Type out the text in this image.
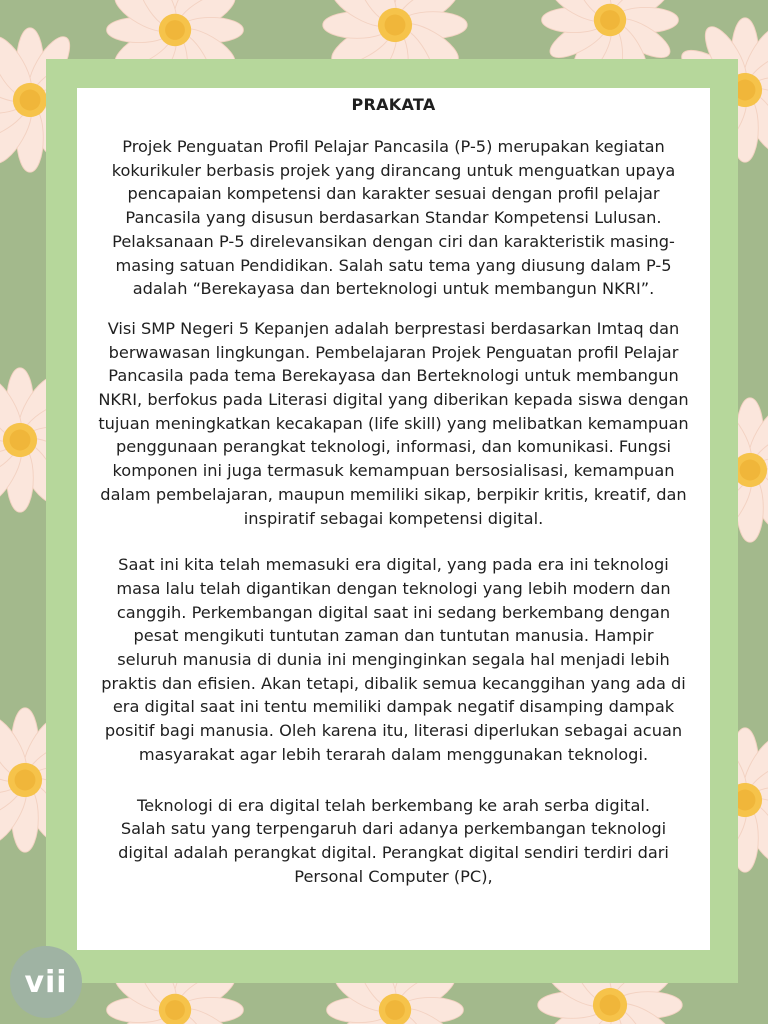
PRAKATA

Projek Penguatan Profil Pelajar Pancasila (P-5) merupakan kegiatan
kokurikuler berbasis projek yang dirancang untuk menguatkan upaya
pencapaian kompetensi dan karakter sesuai dengan profil pelajar
Pancasila yang disusun berdasarkan Standar Kompetensi Lulusan.
Pelaksanaan P-5 direlevansikan dengan ciri dan karakteristik masing-
masing satuan Pendidikan. Salah satu tema yang diusung dalam P-5
adalah “Berekayasa dan berteknologi untuk membangun NKRI”.

Visi SMP Negeri 5 Kepanjen adalah berprestasi berdasarkan Imtaq dan
berwawasan lingkungan. Pembelajaran Projek Penguatan profil Pelajar
Pancasila pada tema Berekayasa dan Berteknologi untuk membangun
NKRI, berfokus pada Literasi digital yang diberikan kepada siswa dengan
tujuan meningkatkan kecakapan (life skill) yang melibatkan kemampuan
penggunaan perangkat teknologi, informasi, dan komunikasi. Fungsi
komponen ini juga termasuk kemampuan bersosialisasi, kemampuan
dalam pembelajaran, maupun memiliki sikap, berpikir kritis, kreatif, dan
inspiratif sebagai kompetensi digital.

Saat ini kita telah memasuki era digital, yang pada era ini teknologi
masa lalu telah digantikan dengan teknologi yang lebih modern dan
canggih. Perkembangan digital saat ini sedang berkembang dengan
pesat mengikuti tuntutan zaman dan tuntutan manusia. Hampir
seluruh manusia di dunia ini menginginkan segala hal menjadi lebih
praktis dan efisien. Akan tetapi, dibalik semua kecanggihan yang ada di
era digital saat ini tentu memiliki dampak negatif disamping dampak
positif bagi manusia. Oleh karena itu, literasi diperlukan sebagai acuan
masyarakat agar lebih terarah dalam menggunakan teknologi.

Teknologi di era digital telah berkembang ke arah serba digital.
Salah satu yang terpengaruh dari adanya perkembangan teknologi
digital adalah perangkat digital. Perangkat digital sendiri terdiri dari
Personal Computer (PC),

vii
